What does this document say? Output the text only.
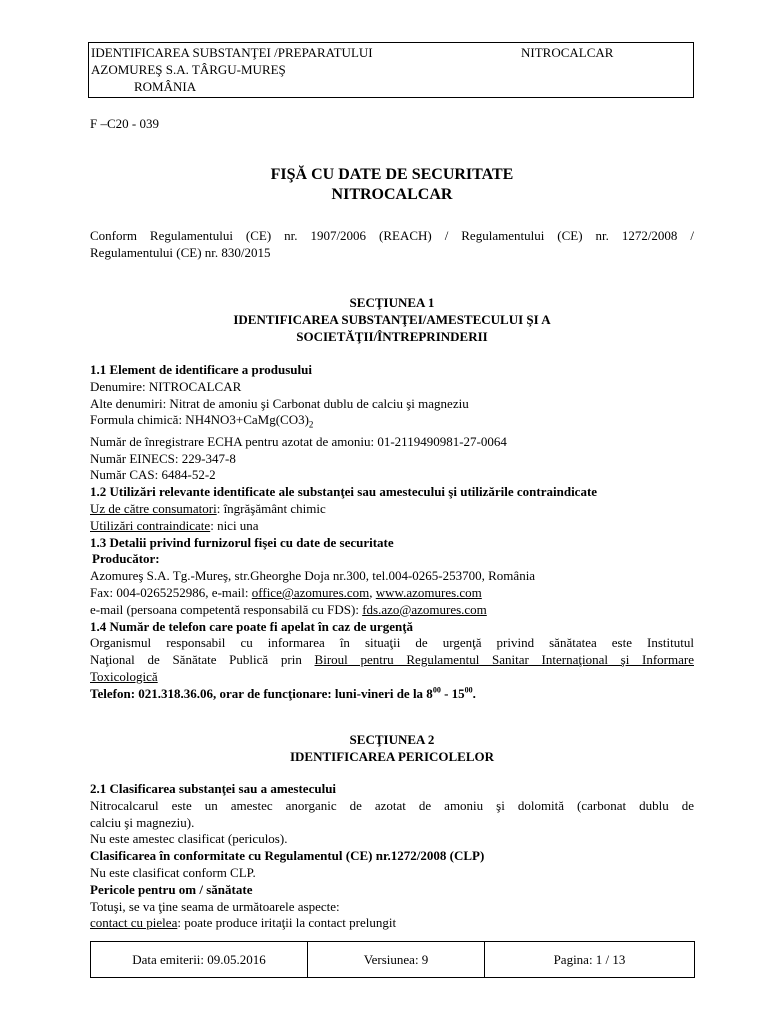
IDENTIFICAREA SUBSTANŢEI /PREPARATULUI	NITROCALCAR
AZOMUREŞ S.A. TÂRGU-MUREŞ
ROMÂNIA
F –C20 - 039
FIŞĂ CU DATE DE SECURITATE
NITROCALCAR
Conform Regulamentului (CE) nr. 1907/2006 (REACH) / Regulamentului (CE) nr. 1272/2008 /
Regulamentului (CE) nr. 830/2015
SECŢIUNEA 1
IDENTIFICAREA SUBSTANŢEI/AMESTECULUI ŞI A
SOCIETĂŢII/ÎNTREPRINDERII
1.1 Element de identificare a produsului
Denumire: NITROCALCAR
Alte denumiri: Nitrat de amoniu şi Carbonat dublu de calciu şi magneziu
Formula chimică: $NH4NO3+CaMg(CO3)_2$
Număr de înregistrare ECHA pentru azotat de amoniu: 01-2119490981-27-0064
Număr EINECS: 229-347-8
Număr CAS: 6484-52-2
1.2 Utilizări relevante identificate ale substanţei sau amestecului şi utilizările contraindicate
Uz de către consumatori: îngrăşământ chimic
Utilizări contraindicate: nici una
1.3 Detalii privind furnizorul fişei cu date de securitate
Producător:
Azomureş S.A. Tg.-Mureş, str.Gheorghe Doja nr.300, tel.004-0265-253700, România
Fax: 004-0265252986, e-mail: office@azomures.com, www.azomures.com
e-mail (persoana competentă responsabilă cu FDS): fds.azo@azomures.com
1.4 Număr de telefon care poate fi apelat în caz de urgenţă
Organismul responsabil cu informarea în situaţii de urgenţă privind sănătatea este Institutul
Naţional de Sănătate Publică prin Biroul pentru Regulamentul Sanitar Internaţional şi Informare
Toxicologică
Telefon: 021.318.36.06, orar de funcţionare: luni-vineri de la $8^{00} - 15^{00}$.
SECŢIUNEA 2
IDENTIFICAREA PERICOLELOR
2.1 Clasificarea substanţei sau a amestecului
Nitrocalcarul este un amestec anorganic de azotat de amoniu şi dolomită (carbonat dublu de
calciu şi magneziu).
Nu este amestec clasificat (periculos).
Clasificarea în conformitate cu Regulamentul (CE) nr.1272/2008 (CLP)
Nu este clasificat conform CLP.
Pericole pentru om / sănătate
Totuşi, se va ţine seama de următoarele aspecte:
contact cu pielea: poate produce iritaţii la contact prelungit
Data emiterii: 09.05.2016	Versiunea: 9	Pagina: 1 / 13
